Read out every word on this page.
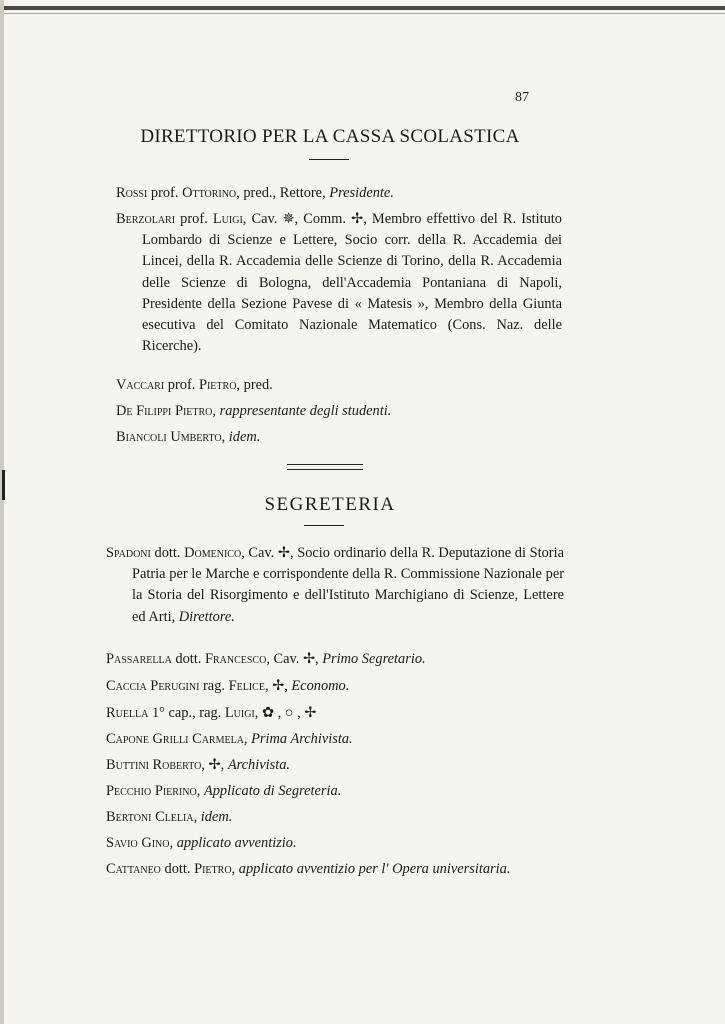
87
DIRETTORIO PER LA CASSA SCOLASTICA
Rossi prof. Ottorino, pred., Rettore, Presidente.
Berzolari prof. Luigi, Cav. ✵, Comm. ✢, Membro effettivo del R. Istituto Lombardo di Scienze e Lettere, Socio corr. della R. Accademia dei Lincei, della R. Accademia delle Scienze di Torino, della R. Accademia delle Scienze di Bologna, dell'Accademia Pontaniana di Napoli, Presidente della Sezione Pavese di « Matesis », Membro della Giunta esecutiva del Comitato Nazionale Matematico (Cons. Naz. delle Ricerche).
Vaccari prof. Pietro, pred.
De Filippi Pietro, rappresentante degli studenti.
Biancoli Umberto, idem.
SEGRETERIA
Spadoni dott. Domenico, Cav. ✢, Socio ordinario della R. Deputazione di Storia Patria per le Marche e corrispondente della R. Commissione Nazionale per la Storia del Risorgimento e dell'Istituto Marchigiano di Scienze, Lettere ed Arti, Direttore.
Passarella dott. Francesco, Cav. ✢, Primo Segretario.
Caccia Perugini rag. Felice, ✢, Economo.
Ruella 1° cap., rag. Luigi, ✿ , ○ , ✢
Capone Grilli Carmela, Prima Archivista.
Buttini Roberto, ✢, Archivista.
Pecchio Pierino, Applicato di Segreteria.
Bertoni Clelia, idem.
Savio Gino, applicato avventizio.
Cattaneo dott. Pietro, applicato avventizio per l' Opera universitaria.
